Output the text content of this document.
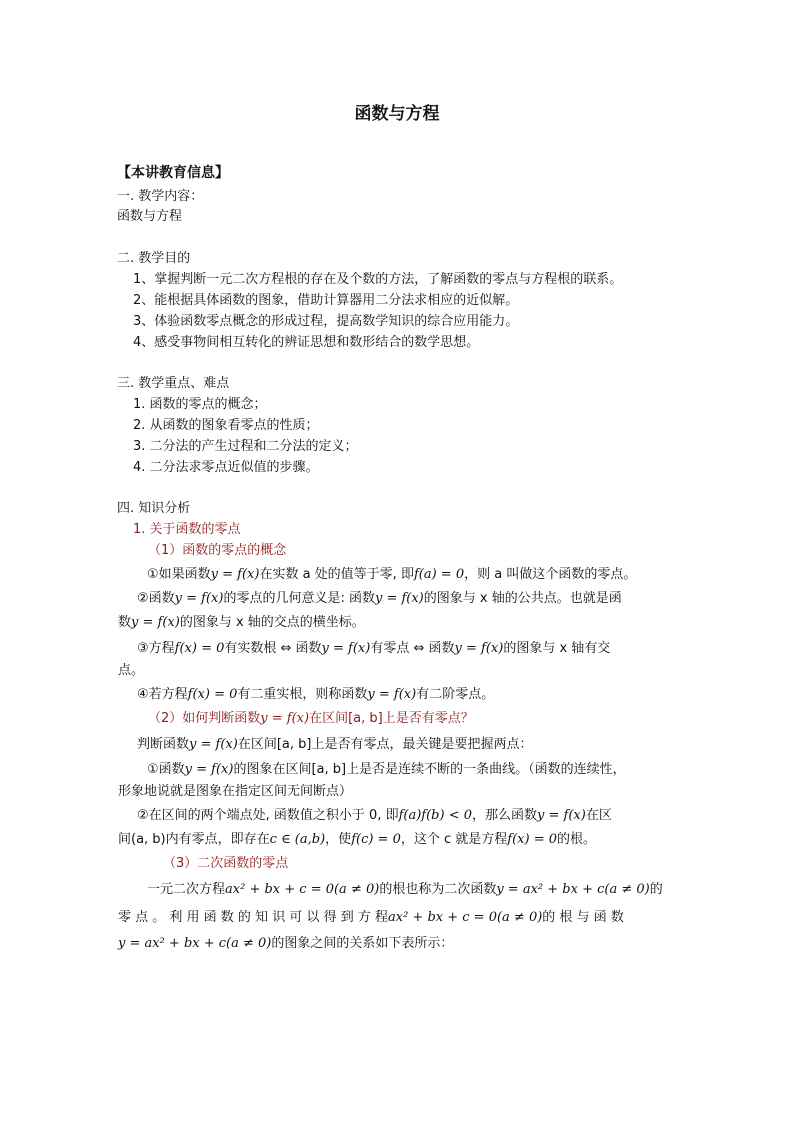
函数与方程
【本讲教育信息】
一. 教学内容：
函数与方程
二. 教学目的
1、掌握判断一元二次方程根的存在及个数的方法，了解函数的零点与方程根的联系。
2、能根据具体函数的图象，借助计算器用二分法求相应的近似解。
3、体验函数零点概念的形成过程，提高数学知识的综合应用能力。
4、感受事物间相互转化的辨证思想和数形结合的数学思想。
三. 教学重点、难点
1. 函数的零点的概念；
2. 从函数的图象看零点的性质；
3. 二分法的产生过程和二分法的定义；
4. 二分法求零点近似值的步骤。
四. 知识分析
1. 关于函数的零点
（1）函数的零点的概念
①如果函数y = f(x)在实数 a 处的值等于零, 即f(a) = 0，则 a 叫做这个函数的零点。
②函数y = f(x)的零点的几何意义是: 函数y = f(x)的图象与 x 轴的公共点。也就是函
数y = f(x)的图象与 x 轴的交点的横坐标。
③方程f(x) = 0有实数根 ⇔ 函数y = f(x)有零点 ⇔ 函数y = f(x)的图象与 x 轴有交
点。
④若方程f(x) = 0有二重实根，则称函数y = f(x)有二阶零点。
（2）如何判断函数y = f(x)在区间[a, b]上是否有零点？
判断函数y = f(x)在区间[a, b]上是否有零点，最关键是要把握两点：
①函数y = f(x)的图象在区间[a, b]上是否是连续不断的一条曲线。（函数的连续性，
形象地说就是图象在指定区间无间断点）
②在区间的两个端点处, 函数值之积小于 0, 即f(a)f(b) < 0，那么函数y = f(x)在区
间(a, b)内有零点，即存在c ∈ (a,b)，使f(c) = 0，这个 c 就是方程f(x) = 0的根。
（3）二次函数的零点
一元二次方程ax² + bx + c = 0(a ≠ 0)的根也称为二次函数y = ax² + bx + c(a ≠ 0)的
零 点 。 利 用 函 数 的 知 识 可 以 得 到 方 程ax² + bx + c = 0(a ≠ 0)的 根 与 函 数
y = ax² + bx + c(a ≠ 0)的图象之间的关系如下表所示：
